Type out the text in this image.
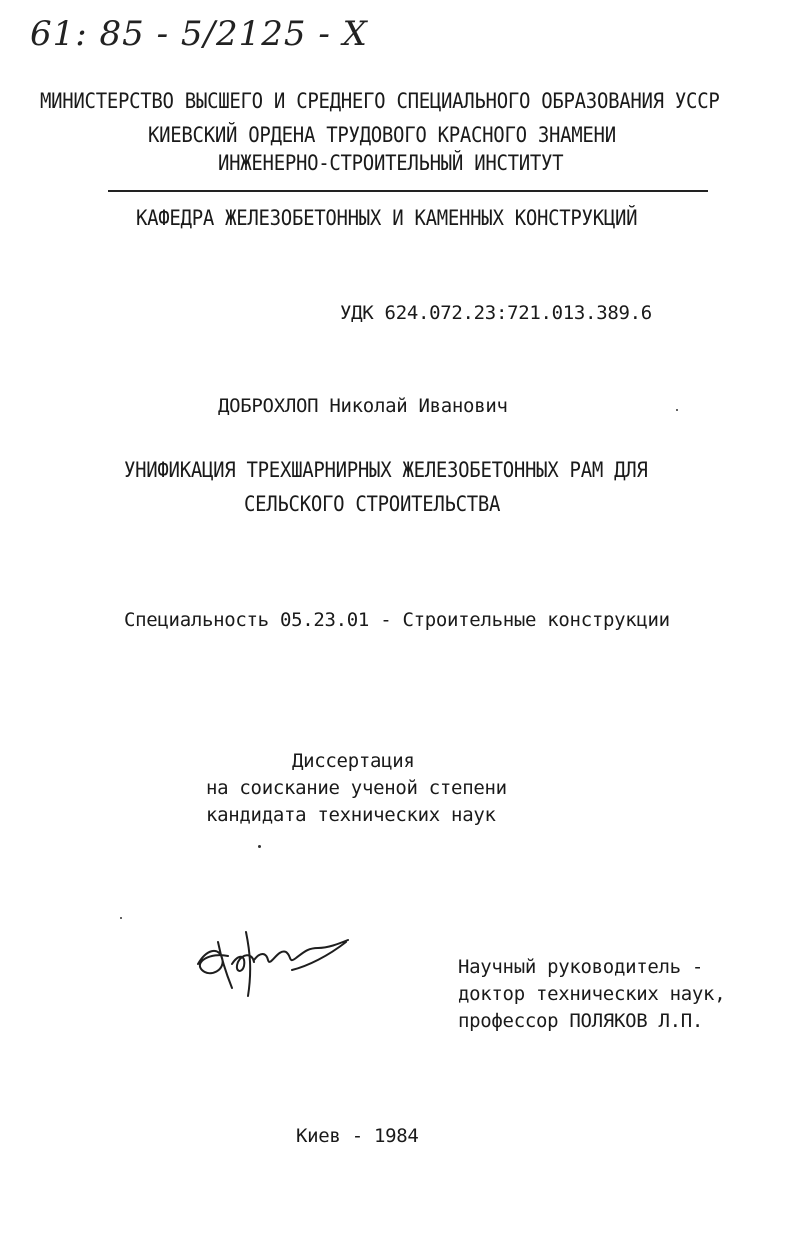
61: 85 - 5/2125 - X
МИНИСТЕРСТВО ВЫСШЕГО И СРЕДНЕГО СПЕЦИАЛЬНОГО ОБРАЗОВАНИЯ УССР
КИЕВСКИЙ ОРДЕНА ТРУДОВОГО КРАСНОГО ЗНАМЕНИ
ИНЖЕНЕРНО-СТРОИТЕЛЬНЫЙ ИНСТИТУТ
КАФЕДРА ЖЕЛЕЗОБЕТОННЫХ И КАМЕННЫХ КОНСТРУКЦИЙ
УДК 624.072.23:721.013.389.6
ДОБРОХЛОП Николай Иванович
УНИФИКАЦИЯ ТРЕХШАРНИРНЫХ ЖЕЛЕЗОБЕТОННЫХ РАМ ДЛЯ
СЕЛЬСКОГО СТРОИТЕЛЬСТВА
Специальность 05.23.01 - Строительные конструкции
Диссертация
на соискание ученой степени
кандидата технических наук
Научный руководитель -
доктор технических наук,
профессор ПОЛЯКОВ Л.П.
Киев - 1984
